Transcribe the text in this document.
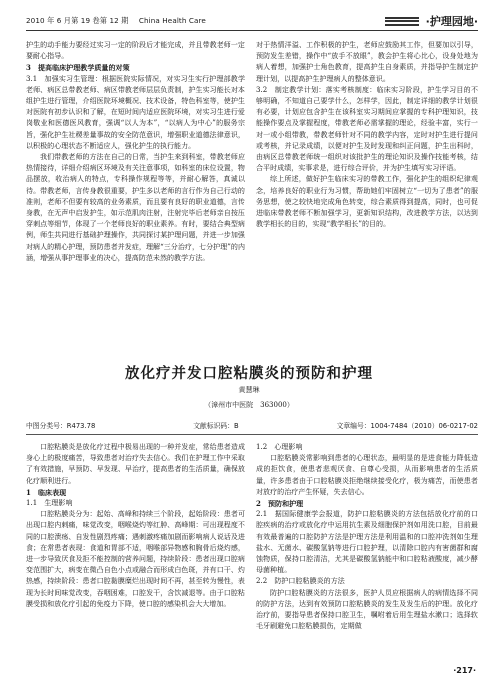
2010 年 6 月第 19 卷第 12 期 China Health Care	·护理园地·

护生的动手能力要经过实习一定的阶段后才能完成，并且带教老师一定要耐心指导。

3　提高临床护理教学质量的对策

3.1　加强实习生管理：根据医院实际情况，对实习生实行护理部教学老师、病区总带教老师、病区带教老师层层负责制，护生实习能长对本组护生进行管理，介绍医院环境概况、技术设备，特色科室等，使护生对医院有初步认识和了解，在短时间内适应医院环境，对实习生进行爱岗敬业和医德医风教育，强调“以人为本”，“以病人为中心”的服务宗旨，强化护生社稷差量事故的安全防范意识，增强职业道德法律意识，以积极的心理状态不断适应人，强化护生的执行能力。

我们带教老师的方法在自己的日常，当护生来到科室，带教老师应热情接待，详细介绍病区环境及有关注意事项，如科室的床位设置，物品摆放，收治病人的特点，专科操作规程等等，并耐心解答，真诚以待。带教老师，言传身教很重要，护生多以老师的言行作为自己行动的准则，老师不但要有较高的业务素质，而且要有良好的职业道德，言传身教，在无声中启发护生，如示范肌肉注射，注射完毕后老师亲自按压穿刺点等细节，体现了一个老师良好的职业素养。有时，要结合典型病例，师生共同进行基础护理操作，共同探讨某护理问题，并进一步加强对病人的精心护理，预防患者并发症，理解“三分治疗，七分护理”的内涵，增强从事护理事业的决心，提高防范未然的教学方法。

对于热情洋溢、工作积极的护生，老师应鼓励其工作，但要加以引导，预防发生差错，操作中“放手不放眼”，教会护生将心比心，设身处地为病人着想，加强护士角色教育，提高护生自身素质，并指导护生制定护理计划，以提高护生护理病人的整体意识。

3.2　制定教学计划：落实考核制度：临床实习阶段，护生学习目的不够明确，不知道自己要学什么，怎样学，因此，制定详细的教学计划很有必要，计划应包含护生在该科室实习期间应掌握的专科护理知识，技能操作要点及掌握程度，带教老师必需掌握的理论，经验丰富，实行一对一或小组带教，带教老师针对不同的教学内容，定时对护生进行提问或考核，并记录成绩，以便对护生及时发现和纠正问题，护生出科时，由病区总带教老师统一组织对该批护生的理论知识及操作技能考核，结合平时成绩，实事求是，进行综合评价，并为护生填写实习评语。

综上所述，做好护生临床实习的带教工作，强化护生的组织纪律观念，培养良好的职业行为习惯，帮助她们牢固树立“一切为了患者”的服务思想，使之较快地完成角色转变，综合素质得到提高，同时，也可促进临床带教老师不断加强学习，更新知识结构，改进教学方法，以达到教学相长的目的，实现“教学相长”的目的。

放化疗并发口腔粘膜炎的预防和护理
黄慧琳
（漳州市中医院　363000）
中图分类号：R473.78	文献标识码：B	文章编号：1004-7484（2010）06-0217-02

口腔粘膜炎是放化疗过程中极易出现的一种并发症，常给患者造成身心上的极度痛苦，导致患者对治疗失去信心。我们在护理工作中采取了有效措施，早预防、早发现、早治疗，提高患者的生活质量，确保放化疗顺利进行。

1　临床表现

1.1　生理影响

口腔粘膜炎分为：起始、高峰和持续三个阶段，起始阶段：患者可出现口腔内刺痛，味觉改变，咽喉烧灼等红肿、高峰期：可出现程度不同的口腔溃疡、自发性剧烈疼痛；遇刺激疼痛加剧而影响病人说话及进食；在常患者表现：食道和胃部不适，咽喉部异物感和胸骨后烧灼感，进一步导致厌食及拒不能控制的营养问题，持续阶段：患者出现口腔病变范围扩大，病变在微凸自色小点或融合而形成白色斑，并有口干、灼热感，持续阶段：患者口腔黏膜糜烂出现时间不再，甚至转为慢性，表现为长时间味觉改变，吞咽困难，口腔发干，含饮减退等。由于口腔粘膜受损和放化疗引起的免疫力下降，使口腔的感染机会大大增加。

1.2　心理影响

口腔粘膜炎常影响到患者的心理状态，最明显的是进食能力降低造成的拒饮食，使患者悲观厌食、自尊心受损，从而影响患者的生活质量，许多患者由于口腔粘膜炎拒绝继续接受化疗，极为痛苦，而使患者对放疗的治疗产生怀疑，失去信心。

2　预防和护理

2.1　据国际健康学会报道，防护口腔粘膜炎的方法包括放化疗前的口腔疾病的治疗或放化疗中运用抗生素及细胞保护剂如用洗口腔，目前最有效最普遍的口腔防护方法是护理方法是利用温和的口腔冲洗剂如生理盐水、无菌水、碳酸氢钠等进行口腔护理，以清除口腔内有害菌群和腐蚀物质，保持口腔清洁，尤其是碳酸氢钠能中和口腔粘液酸度，减少酵母菌种植。

2.2　防护口腔粘膜炎的方法

防护口腔粘膜炎的方法很多，医护人员应根据病人的病情选择不同的防护方法，达到有效预防口腔粘膜炎的发生及发生后的护理。放化疗治疗前，要指导患者保持口腔卫生，嘱咐着后用生理盐水漱口；选择软毛牙刷避免口腔粘膜损伤，定期做

·217·
